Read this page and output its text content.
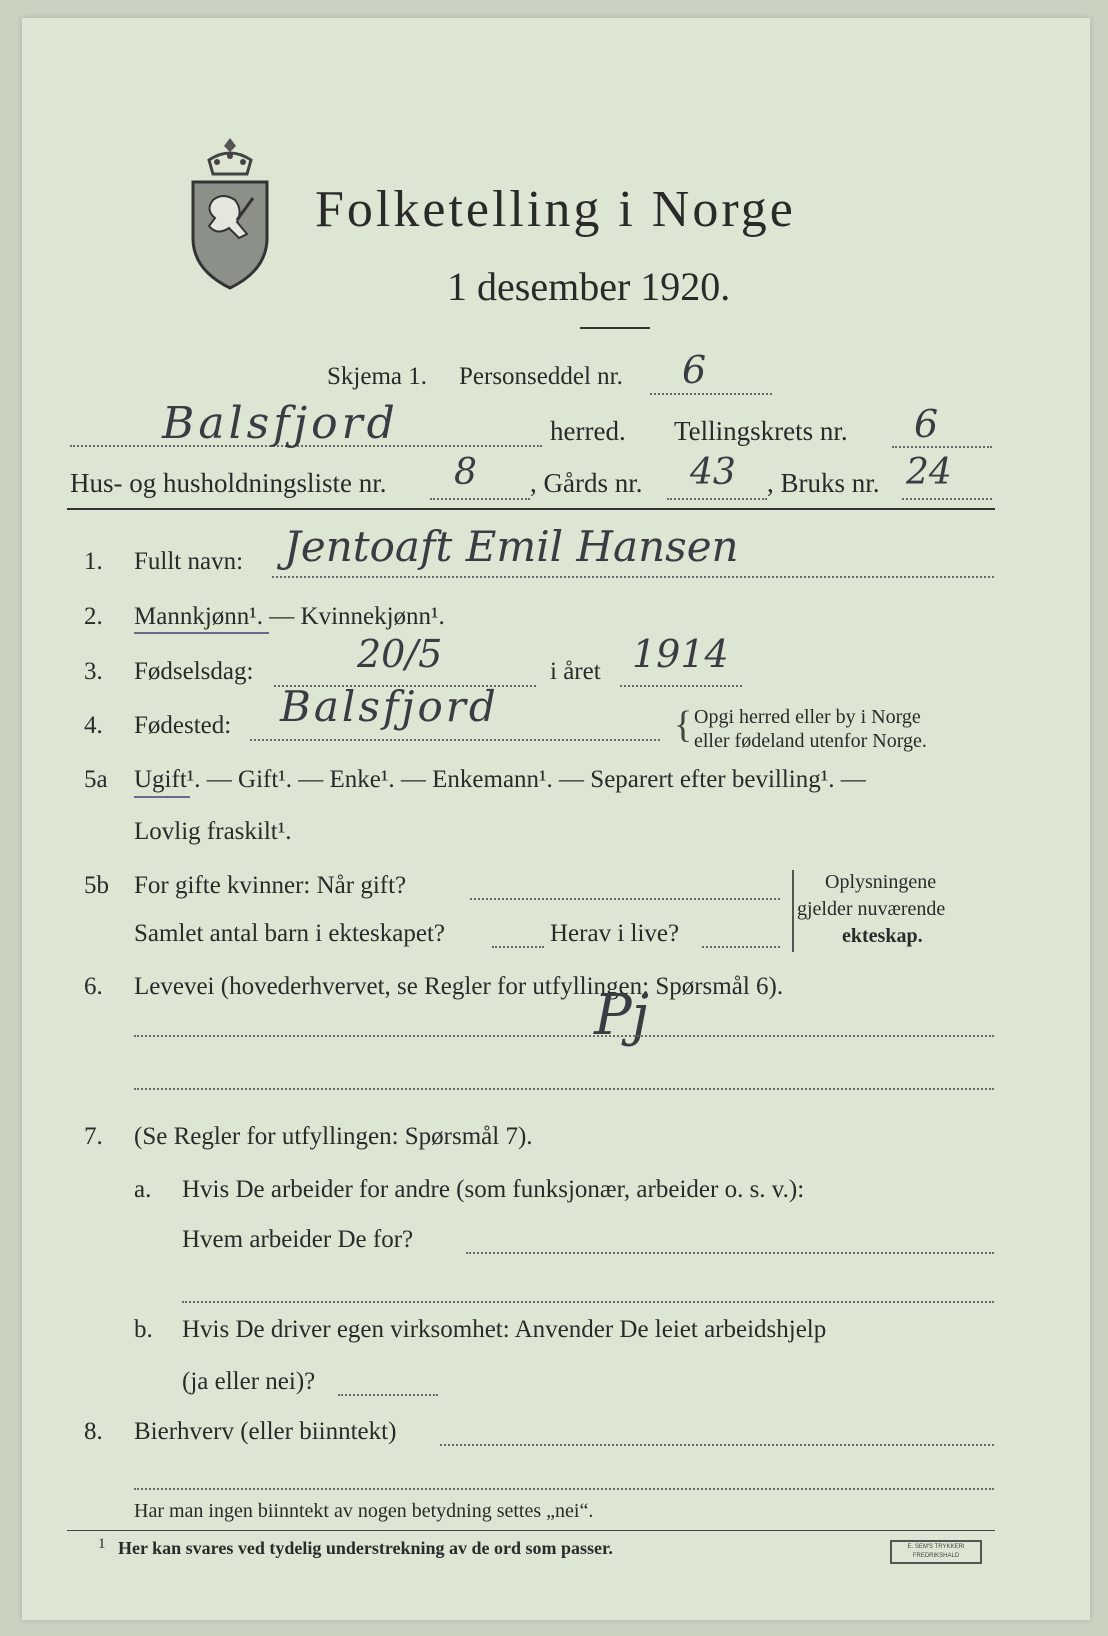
Folketelling i Norge
1 desember 1920.
Skjema 1. Personseddel nr. 6
Balsfjord	herred. Tellingskrets nr. 6
Hus- og husholdningsliste nr. 8 , Gårds nr. 43 , Bruks nr. 24
1. Fullt navn: Jentoaft Emil Hansen
2. Mannkjønn¹. — Kvinnekjønn¹.
3. Fødselsdag:	20/5	i året 1914
4. Fødested: Balsfjord	{ Opgi herred eller by i Norge
eller fødeland utenfor Norge.
5a Ugift¹. — Gift¹. — Enke¹. — Enkemann¹. — Separert efter bevilling¹. —
Lovlig fraskilt¹.
5b For gifte kvinner: Når gift?
Samlet antal barn i ekteskapet?	Herav i live?
Oplysningene
gjelder nuværende
ekteskap.
6. Levevei (hovederhvervet, se Regler for utfyllingen: Spørsmål 6).
Pj
7. (Se Regler for utfyllingen: Spørsmål 7).
a. Hvis De arbeider for andre (som funksjonær, arbeider o. s. v.):
Hvem arbeider De for?
b. Hvis De driver egen virksomhet: Anvender De leiet arbeidshjelp
(ja eller nei)?
8. Bierhverv (eller biinntekt)
Har man ingen biinntekt av nogen betydning settes „nei“.
1 Her kan svares ved tydelig understrekning av de ord som passer.	E. SEM'S TRYKKERI FREDRIKSHALD
